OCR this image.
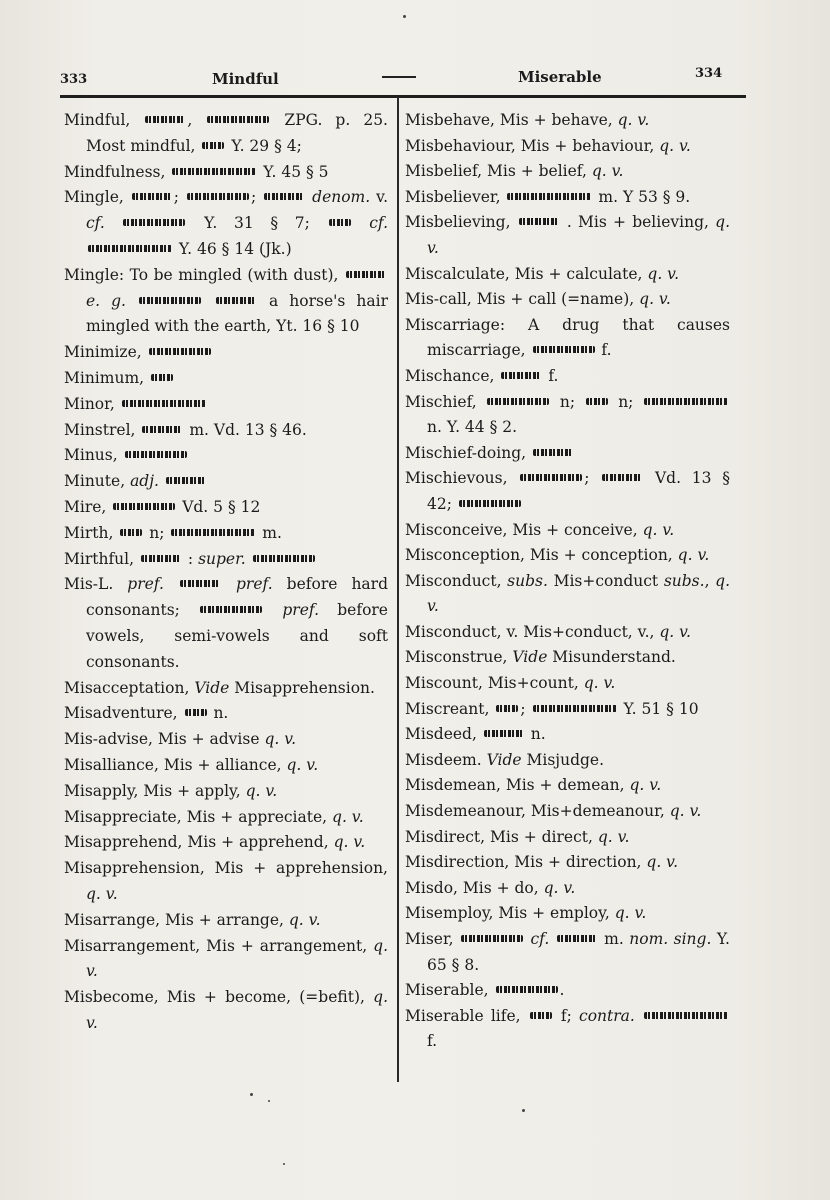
333	Mindful	Miserable	334

Mindful,	,	ZPG. p. 25. Most mindful,  Y. 29 § 4;

Mindfulness,	Y. 45 § 5

Mingle,	;	;	denom. v. cf.	Y. 31 § 7;	cf.  Y. 46 § 14 (Jk.)

Mingle: To be mingled (with dust),  e. g.	a horse's hair mingled with the earth, Yt. 16 § 10

Minimize,

Minimum,

Minor,

Minstrel,	m. Vd. 13 § 46.

Minus,

Minute, adj.

Mire,	Vd. 5 § 12

Mirth,  n;	m.

Mirthful,	: super.

Mis-L. pref.	pref. before hard consonants;	pref. before vowels, semi-vowels and soft consonants.

Misacceptation, Vide Misapprehension.

Misadventure,  n.

Mis-advise, Mis + advise q. v.

Misalliance, Mis + alliance, q. v.

Misapply, Mis + apply, q. v.

Misappreciate, Mis + appreciate, q. v.

Misapprehend, Mis + apprehend, q. v.

Misapprehension, Mis + apprehension, q. v.

Misarrange, Mis + arrange, q. v.

Misarrangement, Mis + arrangement, q. v.

Misbecome, Mis + become, (=befit), q. v.

Misbehave, Mis + behave, q. v.

Misbehaviour, Mis + behaviour, q. v.

Misbelief, Mis + belief, q. v.

Misbeliever,	m. Y 53 § 9.

Misbelieving,	. Mis + believing, q. v.

Miscalculate, Mis + calculate, q. v.

Mis-call, Mis + call (=name), q. v.

Miscarriage: A drug that causes miscarriage,	f.

Mischance,	f.

Mischief,	n;  n;  n. Y. 44 § 2.

Mischief-doing,

Mischievous,	;	Vd. 13 § 42;

Misconceive, Mis + conceive, q. v.

Misconception, Mis + conception, q. v.

Misconduct, subs. Mis+conduct subs., q. v.

Misconduct, v. Mis+conduct, v., q. v.

Misconstrue, Vide Misunderstand.

Miscount, Mis+count, q. v.

Miscreant, ;	Y. 51 § 10

Misdeed,	n.

Misdeem. Vide Misjudge.

Misdemean, Mis + demean, q. v.

Misdemeanour, Mis+demeanour, q. v.

Misdirect, Mis + direct, q. v.

Misdirection, Mis + direction, q. v.

Misdo, Mis + do, q. v.

Misemploy, Mis + employ, q. v.

Miser,	cf.	m. nom. sing. Y. 65 § 8.

Miserable,	.

Miserable life,  f; contra.  f.
